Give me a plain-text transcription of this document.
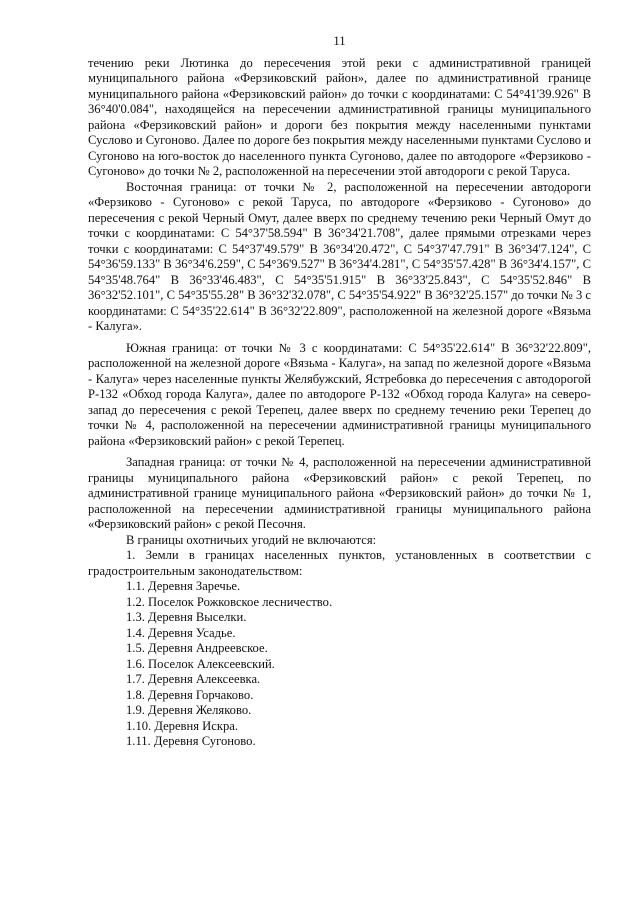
11

течению реки Лютинка до пересечения этой реки с административной границей муниципального района «Ферзиковский район», далее по административной границе муниципального района «Ферзиковский район» до точки с координатами: С 54°41'39.926" В 36°40'0.084", находящейся на пересечении административной границы муниципального района «Ферзиковский район» и дороги без покрытия между населенными пунктами Суслово и Сугоново. Далее по дороге без покрытия между населенными пунктами Суслово и Сугоново на юго-восток до населенного пункта Сугоново, далее по автодороге «Ферзиково - Сугоново» до точки № 2, расположенной на пересечении этой автодороги с рекой Таруса.

Восточная граница: от точки № 2, расположенной на пересечении автодороги «Ферзиково - Сугоново» с рекой Таруса, по автодороге «Ферзиково - Сугоново» до пересечения с рекой Черный Омут, далее вверх по среднему течению реки Черный Омут до точки с координатами: С 54°37'58.594" В 36°34'21.708", далее прямыми отрезками через точки с координатами: С 54°37'49.579" В 36°34'20.472", С 54°37'47.791" В 36°34'7.124", С 54°36'59.133" В 36°34'6.259", С 54°36'9.527" В 36°34'4.281", С 54°35'57.428" В 36°34'4.157", С 54°35'48.764" В 36°33'46.483", С 54°35'51.915" В 36°33'25.843", С 54°35'52.846" В 36°32'52.101", С 54°35'55.28" В 36°32'32.078", С 54°35'54.922" В 36°32'25.157" до точки № 3 с координатами: С 54°35'22.614" В 36°32'22.809", расположенной на железной дороге «Вязьма - Калуга».

Южная граница: от точки № 3 с координатами: С 54°35'22.614" В 36°32'22.809", расположенной на железной дороге «Вязьма - Калуга», на запад по железной дороге «Вязьма - Калуга» через населенные пункты Желябужский, Ястребовка до пересечения с автодорогой Р-132 «Обход города Калуга», далее по автодороге Р-132 «Обход города Калуга» на северо-запад до пересечения с рекой Терепец, далее вверх по среднему течению реки Терепец до точки № 4, расположенной на пересечении административной границы муниципального района «Ферзиковский район» с рекой Терепец.

Западная граница: от точки № 4, расположенной на пересечении административной границы муниципального района «Ферзиковский район» с рекой Терепец, по административной границе муниципального района «Ферзиковский район» до точки № 1, расположенной на пересечении административной границы муниципального района «Ферзиковский район» с рекой Песочня.

В границы охотничьих угодий не включаются:

1. Земли в границах населенных пунктов, установленных в соответствии с градостроительным законодательством:

1.1. Деревня Заречье.
1.2. Поселок Рожковское лесничество.
1.3. Деревня Выселки.
1.4. Деревня Усадье.
1.5. Деревня Андреевское.
1.6. Поселок Алексеевский.
1.7. Деревня Алексеевка.
1.8. Деревня Горчаково.
1.9. Деревня Желяково.
1.10. Деревня Искра.
1.11. Деревня Сугоново.
